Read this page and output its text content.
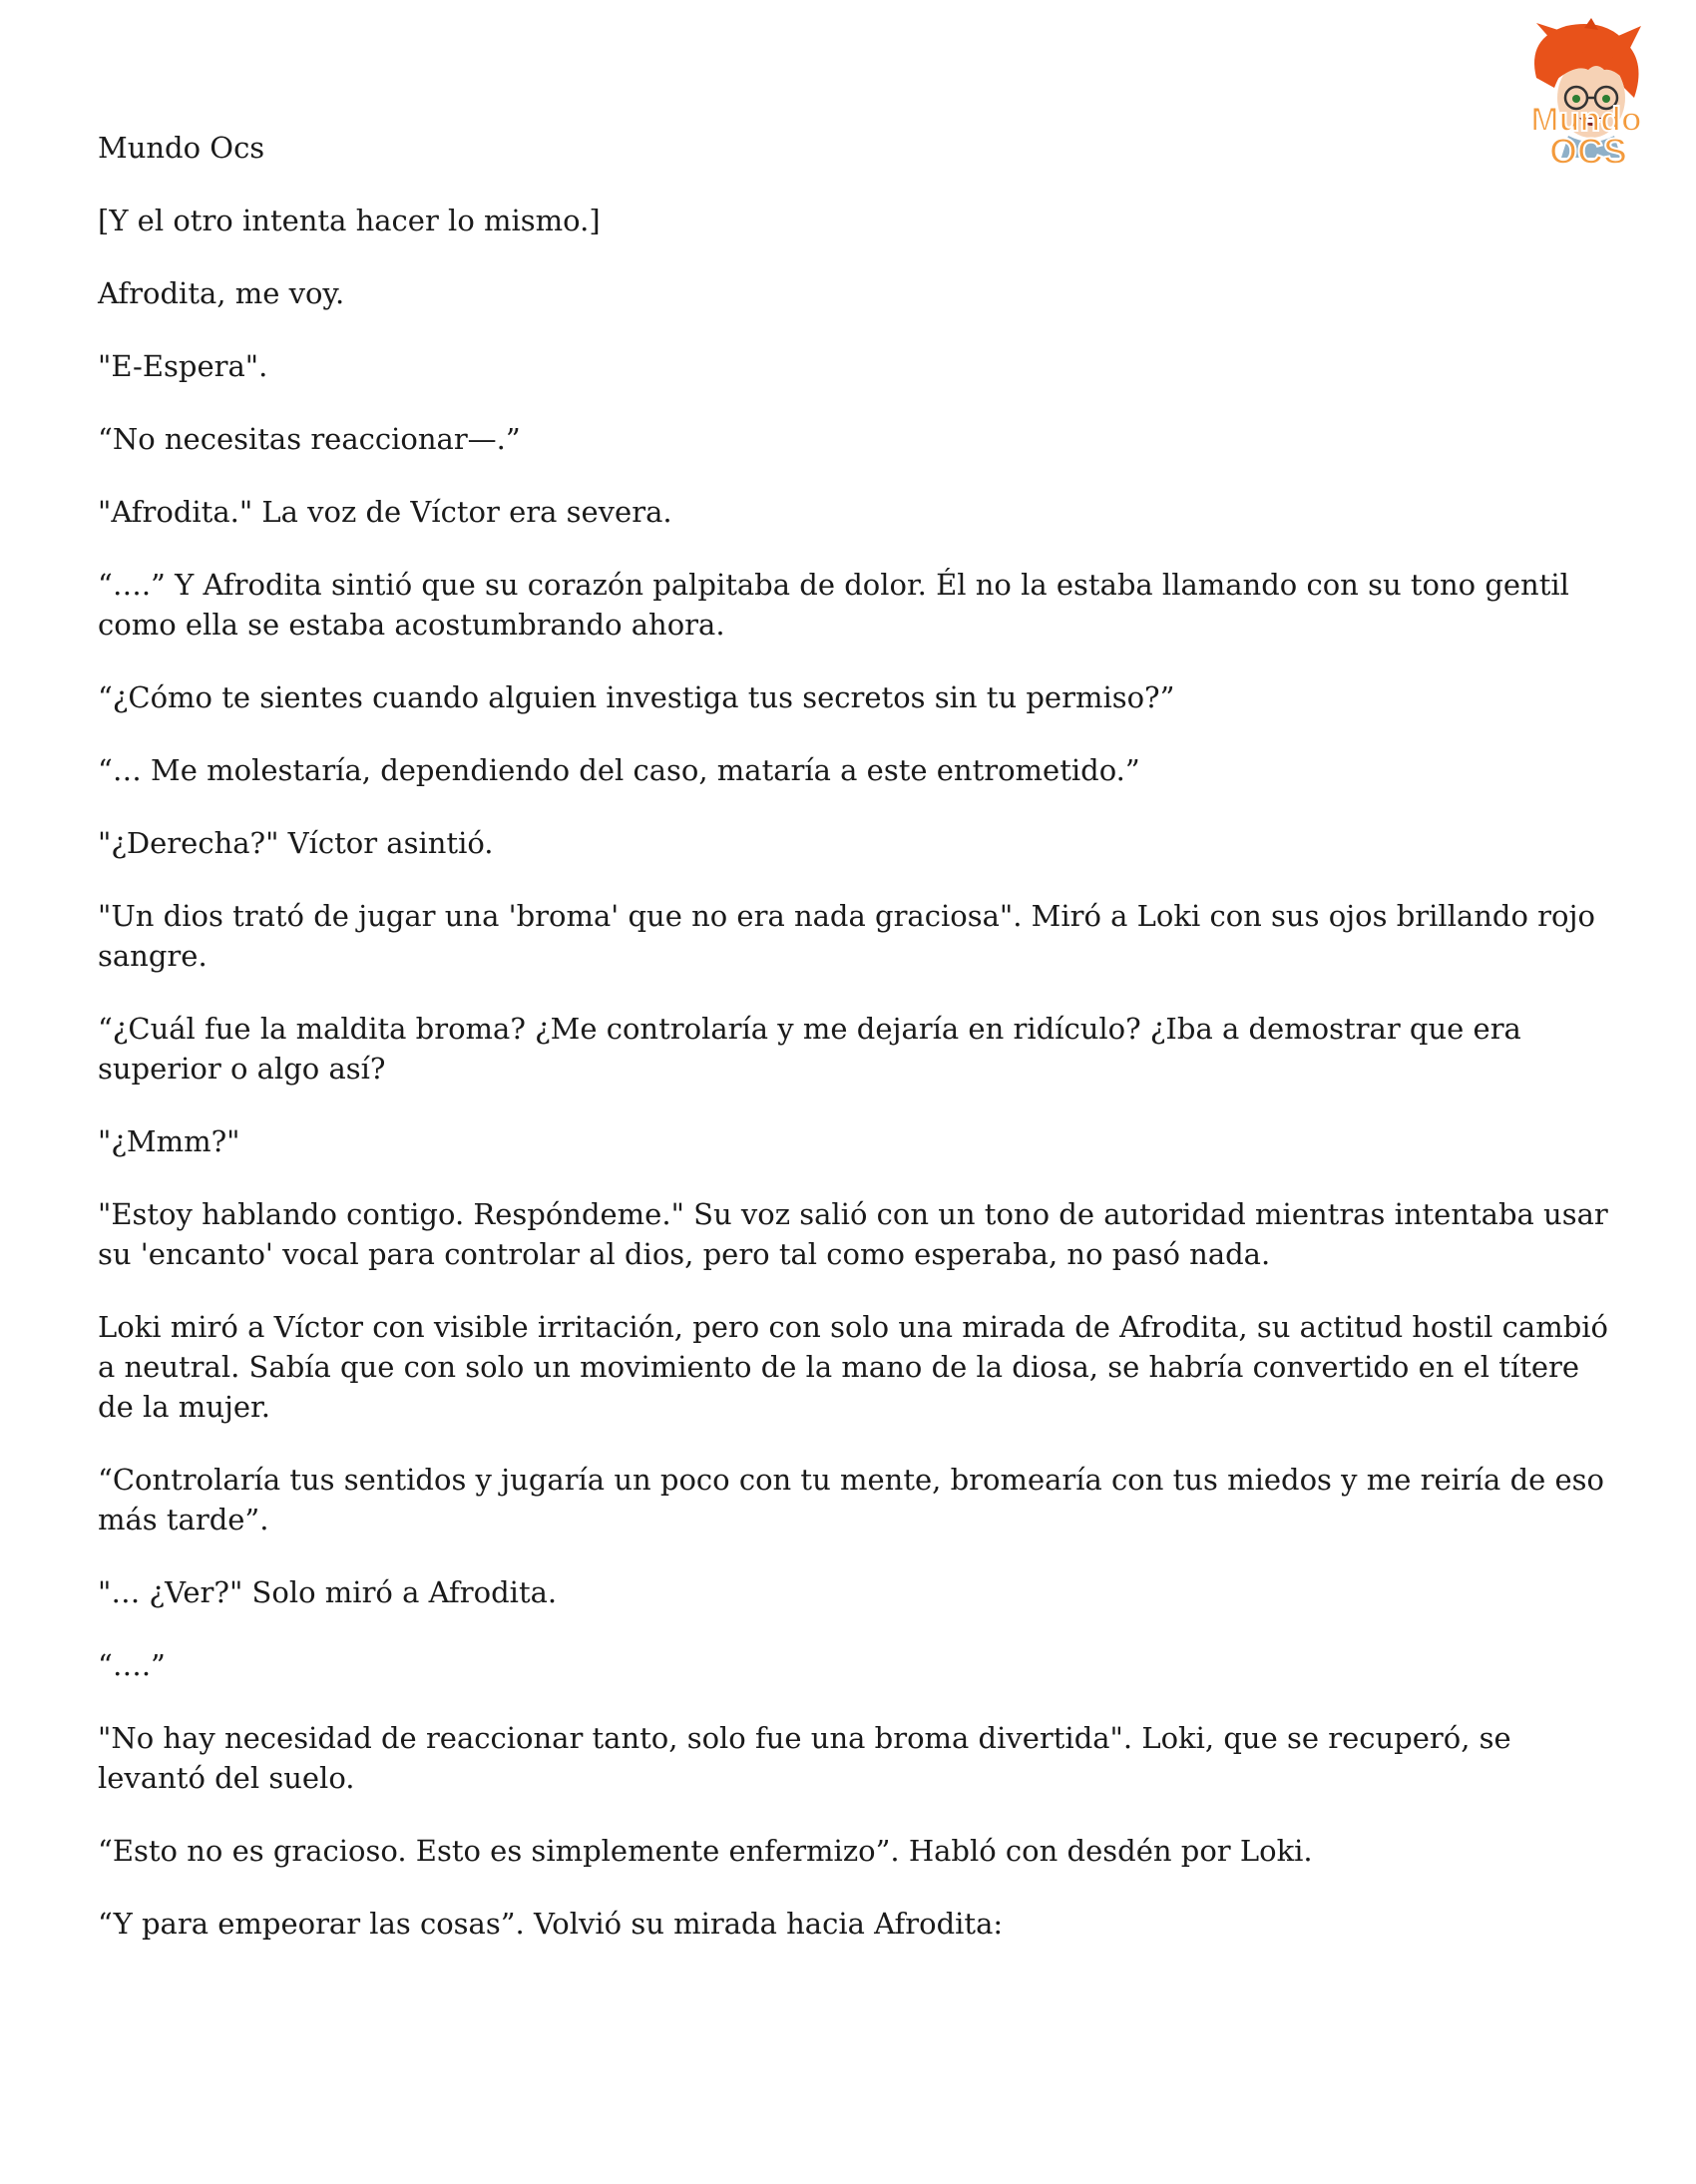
Mundo
OCS

Mundo Ocs

[Y el otro intenta hacer lo mismo.]

Afrodita, me voy.

"E-Espera".

“No necesitas reaccionar—.”

"Afrodita." La voz de Víctor era severa.

“….” Y Afrodita sintió que su corazón palpitaba de dolor. Él no la estaba llamando con su tono gentil como ella se estaba acostumbrando ahora.

“¿Cómo te sientes cuando alguien investiga tus secretos sin tu permiso?”

“… Me molestaría, dependiendo del caso, mataría a este entrometido.”

"¿Derecha?" Víctor asintió.

"Un dios trató de jugar una 'broma' que no era nada graciosa". Miró a Loki con sus ojos brillando rojo sangre.

“¿Cuál fue la maldita broma? ¿Me controlaría y me dejaría en ridículo? ¿Iba a demostrar que era superior o algo así?

"¿Mmm?"

"Estoy hablando contigo. Respóndeme." Su voz salió con un tono de autoridad mientras intentaba usar su 'encanto' vocal para controlar al dios, pero tal como esperaba, no pasó nada.

Loki miró a Víctor con visible irritación, pero con solo una mirada de Afrodita, su actitud hostil cambió a neutral. Sabía que con solo un movimiento de la mano de la diosa, se habría convertido en el títere de la mujer.

“Controlaría tus sentidos y jugaría un poco con tu mente, bromearía con tus miedos y me reiría de eso más tarde”.

"… ¿Ver?" Solo miró a Afrodita.

“….”

"No hay necesidad de reaccionar tanto, solo fue una broma divertida". Loki, que se recuperó, se levantó del suelo.

“Esto no es gracioso. Esto es simplemente enfermizo”. Habló con desdén por Loki.

“Y para empeorar las cosas”. Volvió su mirada hacia Afrodita:
